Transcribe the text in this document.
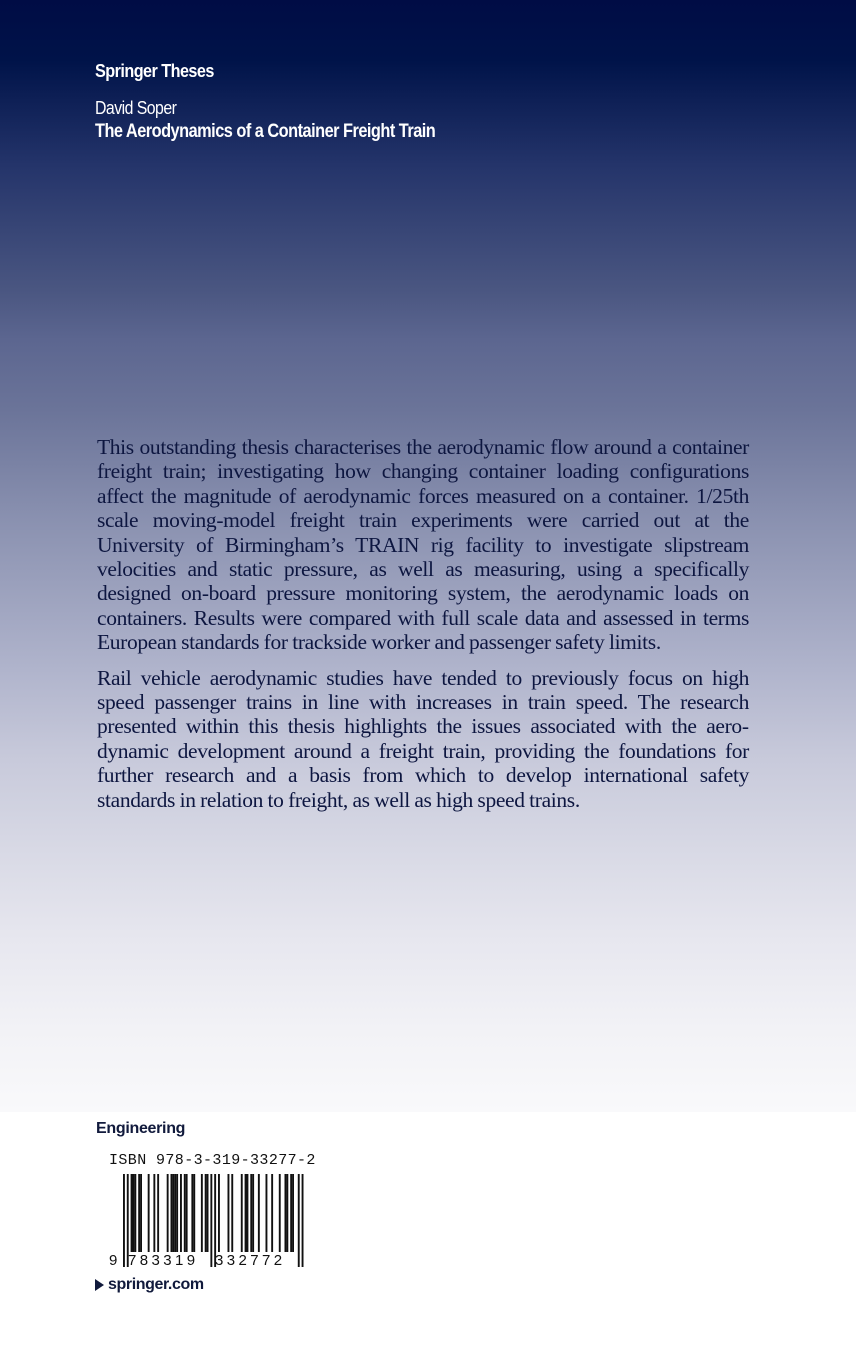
Springer Theses
David Soper
The Aerodynamics of a Container Freight Train

This outstanding thesis characterises the aerodynamic flow around a container freight train; investigating how changing container loading configurations affect the magnitude of aerodynamic forces measured on a container. 1/25th scale moving-model freight train experiments were carried out at the University of Birmingham’s TRAIN rig facility to investigate slipstream velocities and static pressure, as well as measuring, using a specifically designed on-board pressure monitoring system, the aerodynamic loads on containers. Results were compared with full scale data and assessed in terms European standards for trackside worker and passenger safety limits.

Rail vehicle aerodynamic studies have tended to previously focus on high speed passenger trains in line with increases in train speed. The research presented within this thesis highlights the issues associated with the aerodynamic development around a freight train, providing the foundations for further research and a basis from which to develop international safety standards in relation to freight, as well as high speed trains.

Engineering
ISBN 978-3-319-33277-2
9 783319 332772
springer.com
